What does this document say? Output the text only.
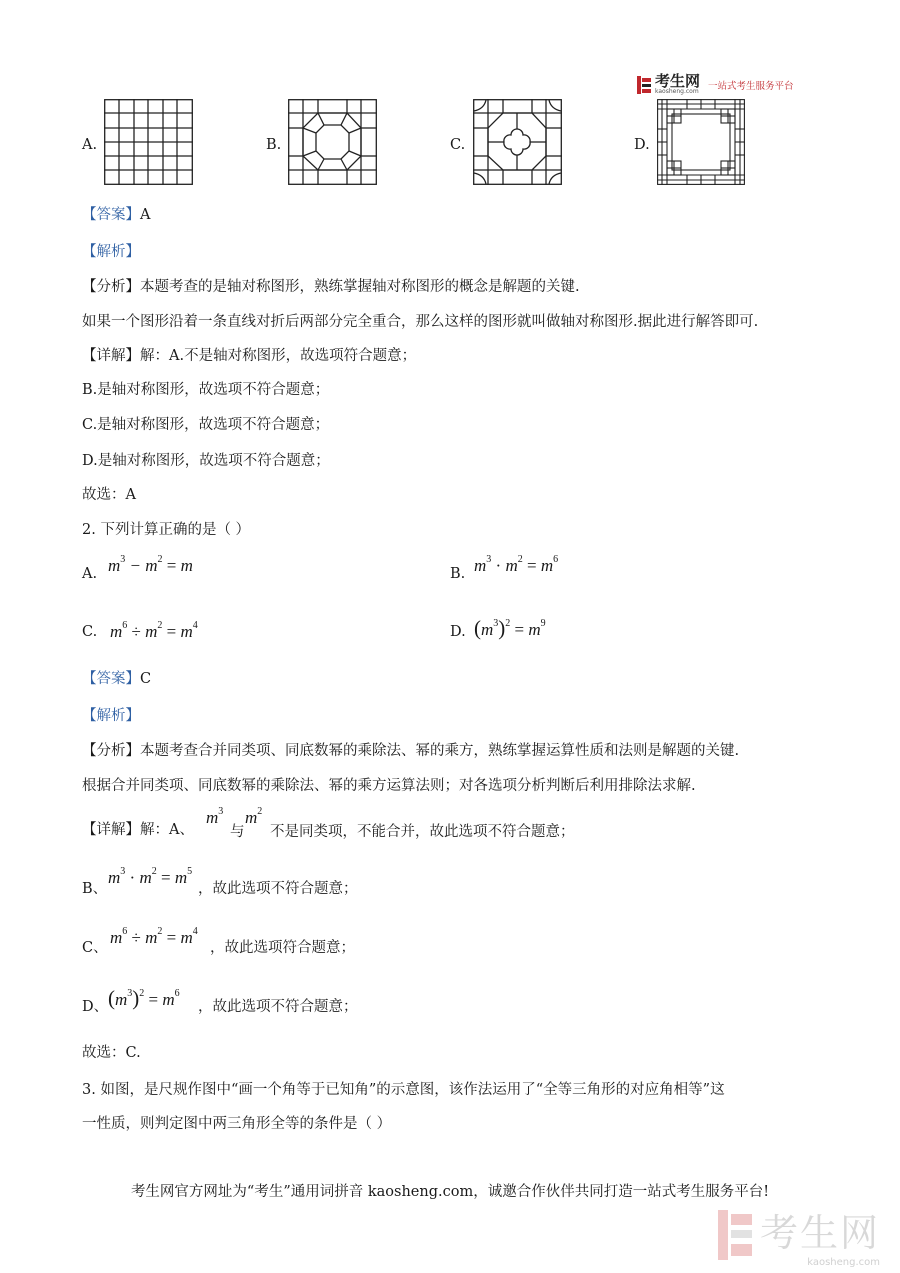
考生网
kaosheng.com 一站式考生服务平台
A.	B.	C.	D.
【答案】A
【解析】
【分析】本题考查的是轴对称图形，熟练掌握轴对称图形的概念是解题的关键.
如果一个图形沿着一条直线对折后两部分完全重合，那么这样的图形就叫做轴对称图形.据此进行解答即可.
【详解】解：A.不是轴对称图形，故选项符合题意；
B.是轴对称图形，故选项不符合题意；
C.是轴对称图形，故选项不符合题意；
D.是轴对称图形，故选项不符合题意；
故选：A
2. 下列计算正确的是（ ）
A. $m^3 - m^2 = m$	B. $m^3 \cdot m^2 = m^6$
C. $m^6 \div m^2 = m^4$	D. $(m^3)^2 = m^9$
【答案】C
【解析】
【分析】本题考查合并同类项、同底数幂的乘除法、幂的乘方，熟练掌握运算性质和法则是解题的关键.
根据合并同类项、同底数幂的乘除法、幂的乘方运算法则；对各选项分析判断后利用排除法求解.
【详解】解：A、
$m^3$
与
$m^2$
不是同类项，不能合并，故此选项不符合题意；
B、
$m^3 \cdot m^2 = m^5$
，故此选项不符合题意；
C、
$m^6 \div m^2 = m^4$
，故此选项符合题意；
D、 $(m^3)^2 = m^6$
，故此选项不符合题意；
故选：C.
3. 如图，是尺规作图中“画一个角等于已知角”的示意图，该作法运用了“全等三角形的对应角相等”这
一性质，则判定图中两三角形全等的条件是（ ）
考生网官方网址为“考生”通用词拼音 kaosheng.com，诚邀合作伙伴共同打造一站式考生服务平台!
考生网
kaosheng.com
